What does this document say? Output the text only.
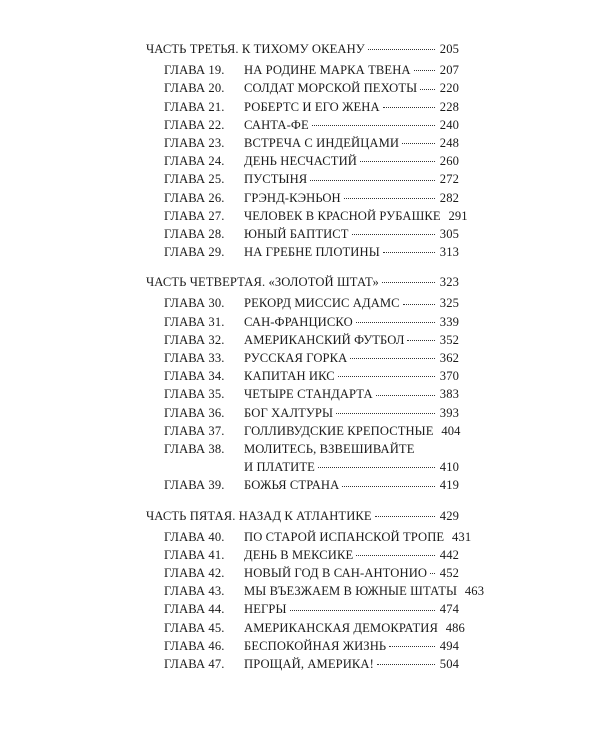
ЧАСТЬ ТРЕТЬЯ. К ТИХОМУ ОКЕАНУ	205
ГЛАВА 19.	НА РОДИНЕ МАРКА ТВЕНА 207
ГЛАВА 20.	СОЛДАТ МОРСКОЙ ПЕХОТЫ 220
ГЛАВА 21.	РОБЕРТС И ЕГО ЖЕНА	228
ГЛАВА 22.	САНТА-ФЕ	240
ГЛАВА 23.	ВСТРЕЧА С ИНДЕЙЦАМИ	248
ГЛАВА 24.	ДЕНЬ НЕСЧАСТИЙ	260
ГЛАВА 25.	ПУСТЫНЯ	272
ГЛАВА 26.	ГРЭНД-КЭНЬОН	282
ГЛАВА 27.	ЧЕЛОВЕК В КРАСНОЙ РУБАШКЕ 291
ГЛАВА 28.	ЮНЫЙ БАПТИСТ	305
ГЛАВА 29.	НА ГРЕБНЕ ПЛОТИНЫ	313
ЧАСТЬ ЧЕТВЕРТАЯ. «ЗОЛОТОЙ ШТАТ»	323
ГЛАВА 30.	РЕКОРД МИССИС АДАМС	325
ГЛАВА 31.	САН-ФРАНЦИСКО	339
ГЛАВА 32.	АМЕРИКАНСКИЙ ФУТБОЛ	352
ГЛАВА 33.	РУССКАЯ ГОРКА	362
ГЛАВА 34.	КАПИТАН ИКС	370
ГЛАВА 35.	ЧЕТЫРЕ СТАНДАРТА	383
ГЛАВА 36.	БОГ ХАЛТУРЫ	393
ГЛАВА 37.	ГОЛЛИВУДСКИЕ КРЕПОСТНЫЕ 404
ГЛАВА 38.	МОЛИТЕСЬ, ВЗВЕШИВАЙТЕ
И ПЛАТИТЕ	410
ГЛАВА 39.	БОЖЬЯ СТРАНА	419
ЧАСТЬ ПЯТАЯ. НАЗАД К АТЛАНТИКЕ	429
ГЛАВА 40.	ПО СТАРОЙ ИСПАНСКОЙ ТРОПЕ 431
ГЛАВА 41.	ДЕНЬ В МЕКСИКЕ	442
ГЛАВА 42.	НОВЫЙ ГОД В САН-АНТОНИО 452
ГЛАВА 43.	МЫ ВЪЕЗЖАЕМ В ЮЖНЫЕ ШТАТЫ 463
ГЛАВА 44.	НЕГРЫ	474
ГЛАВА 45.	АМЕРИКАНСКАЯ ДЕМОКРАТИЯ 486
ГЛАВА 46.	БЕСПОКОЙНАЯ ЖИЗНЬ	494
ГЛАВА 47.	ПРОЩАЙ, АМЕРИКА!	504
